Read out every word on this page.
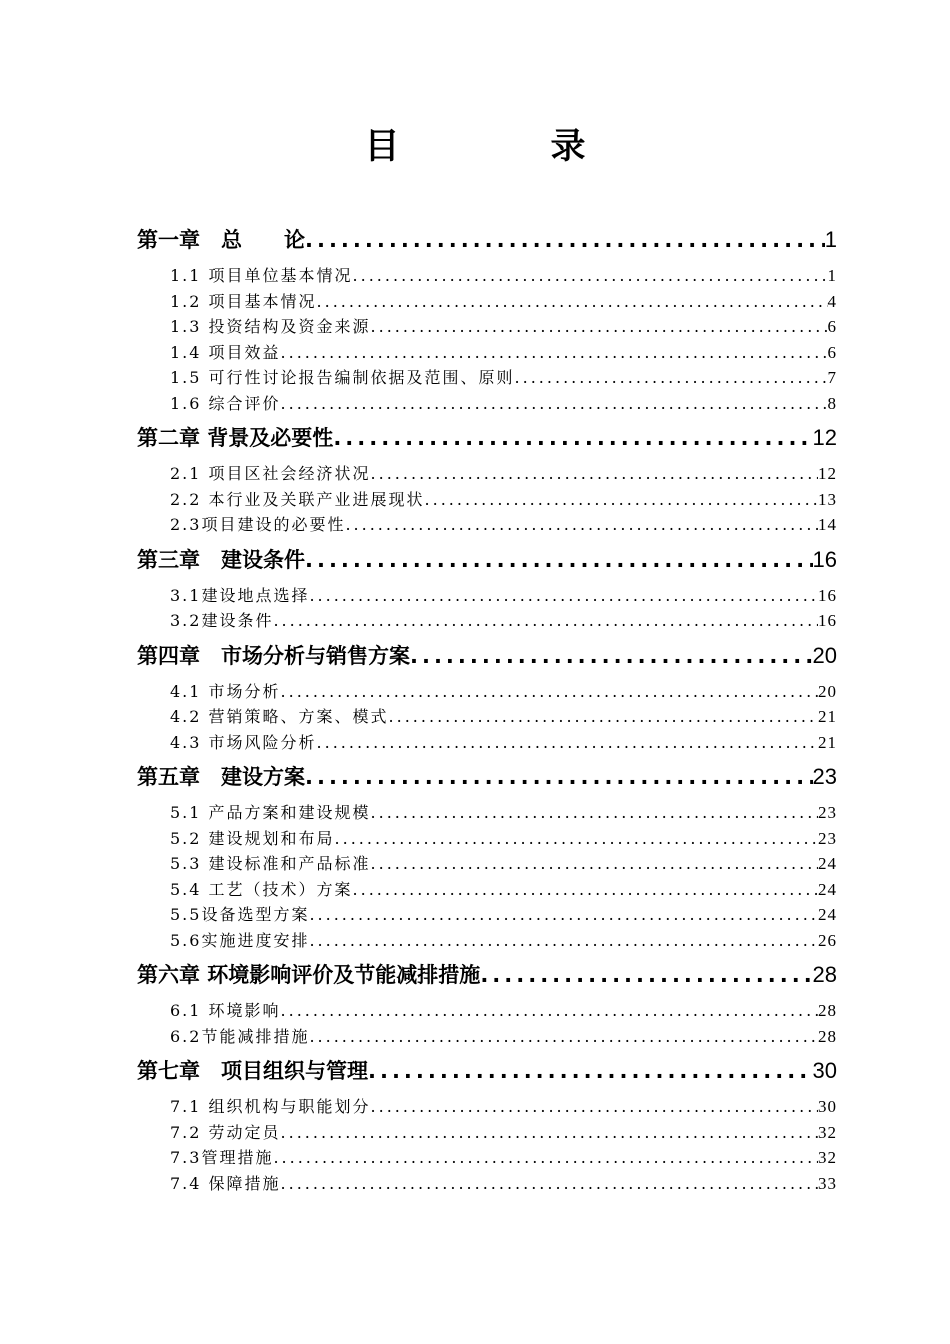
目　录
第一章　总　　论 .....	1
1.1 项目单位基本情况 .....	1
1.2 项目基本情况 .....	4
1.3 投资结构及资金来源 .....	6
1.4 项目效益 .....	6
1.5 可行性讨论报告编制依据及范围、原则 .....	7
1.6 综合评价 .....	8
第二章 背景及必要性 .....	12
2.1 项目区社会经济状况 .....	12
2.2 本行业及关联产业进展现状 .....	13
2.3项目建设的必要性 .....	14
第三章　建设条件 .....	16
3.1建设地点选择 .....	16
3.2建设条件 .....	16
第四章　市场分析与销售方案 .....	20
4.1 市场分析 .....	20
4.2 营销策略、方案、模式 .....	21
4.3 市场风险分析 .....	21
第五章　建设方案 .....	23
5.1 产品方案和建设规模 .....	23
5.2 建设规划和布局 .....	23
5.3 建设标准和产品标准 .....	24
5.4 工艺（技术）方案 .....	24
5.5设备选型方案 .....	24
5.6实施进度安排 .....	26
第六章 环境影响评价及节能减排措施 .....	28
6.1 环境影响 .....	28
6.2节能减排措施 .....	28
第七章　项目组织与管理 .....	30
7.1 组织机构与职能划分 .....	30
7.2 劳动定员 .....	32
7.3管理措施 .....	32
7.4 保障措施 .....	33
